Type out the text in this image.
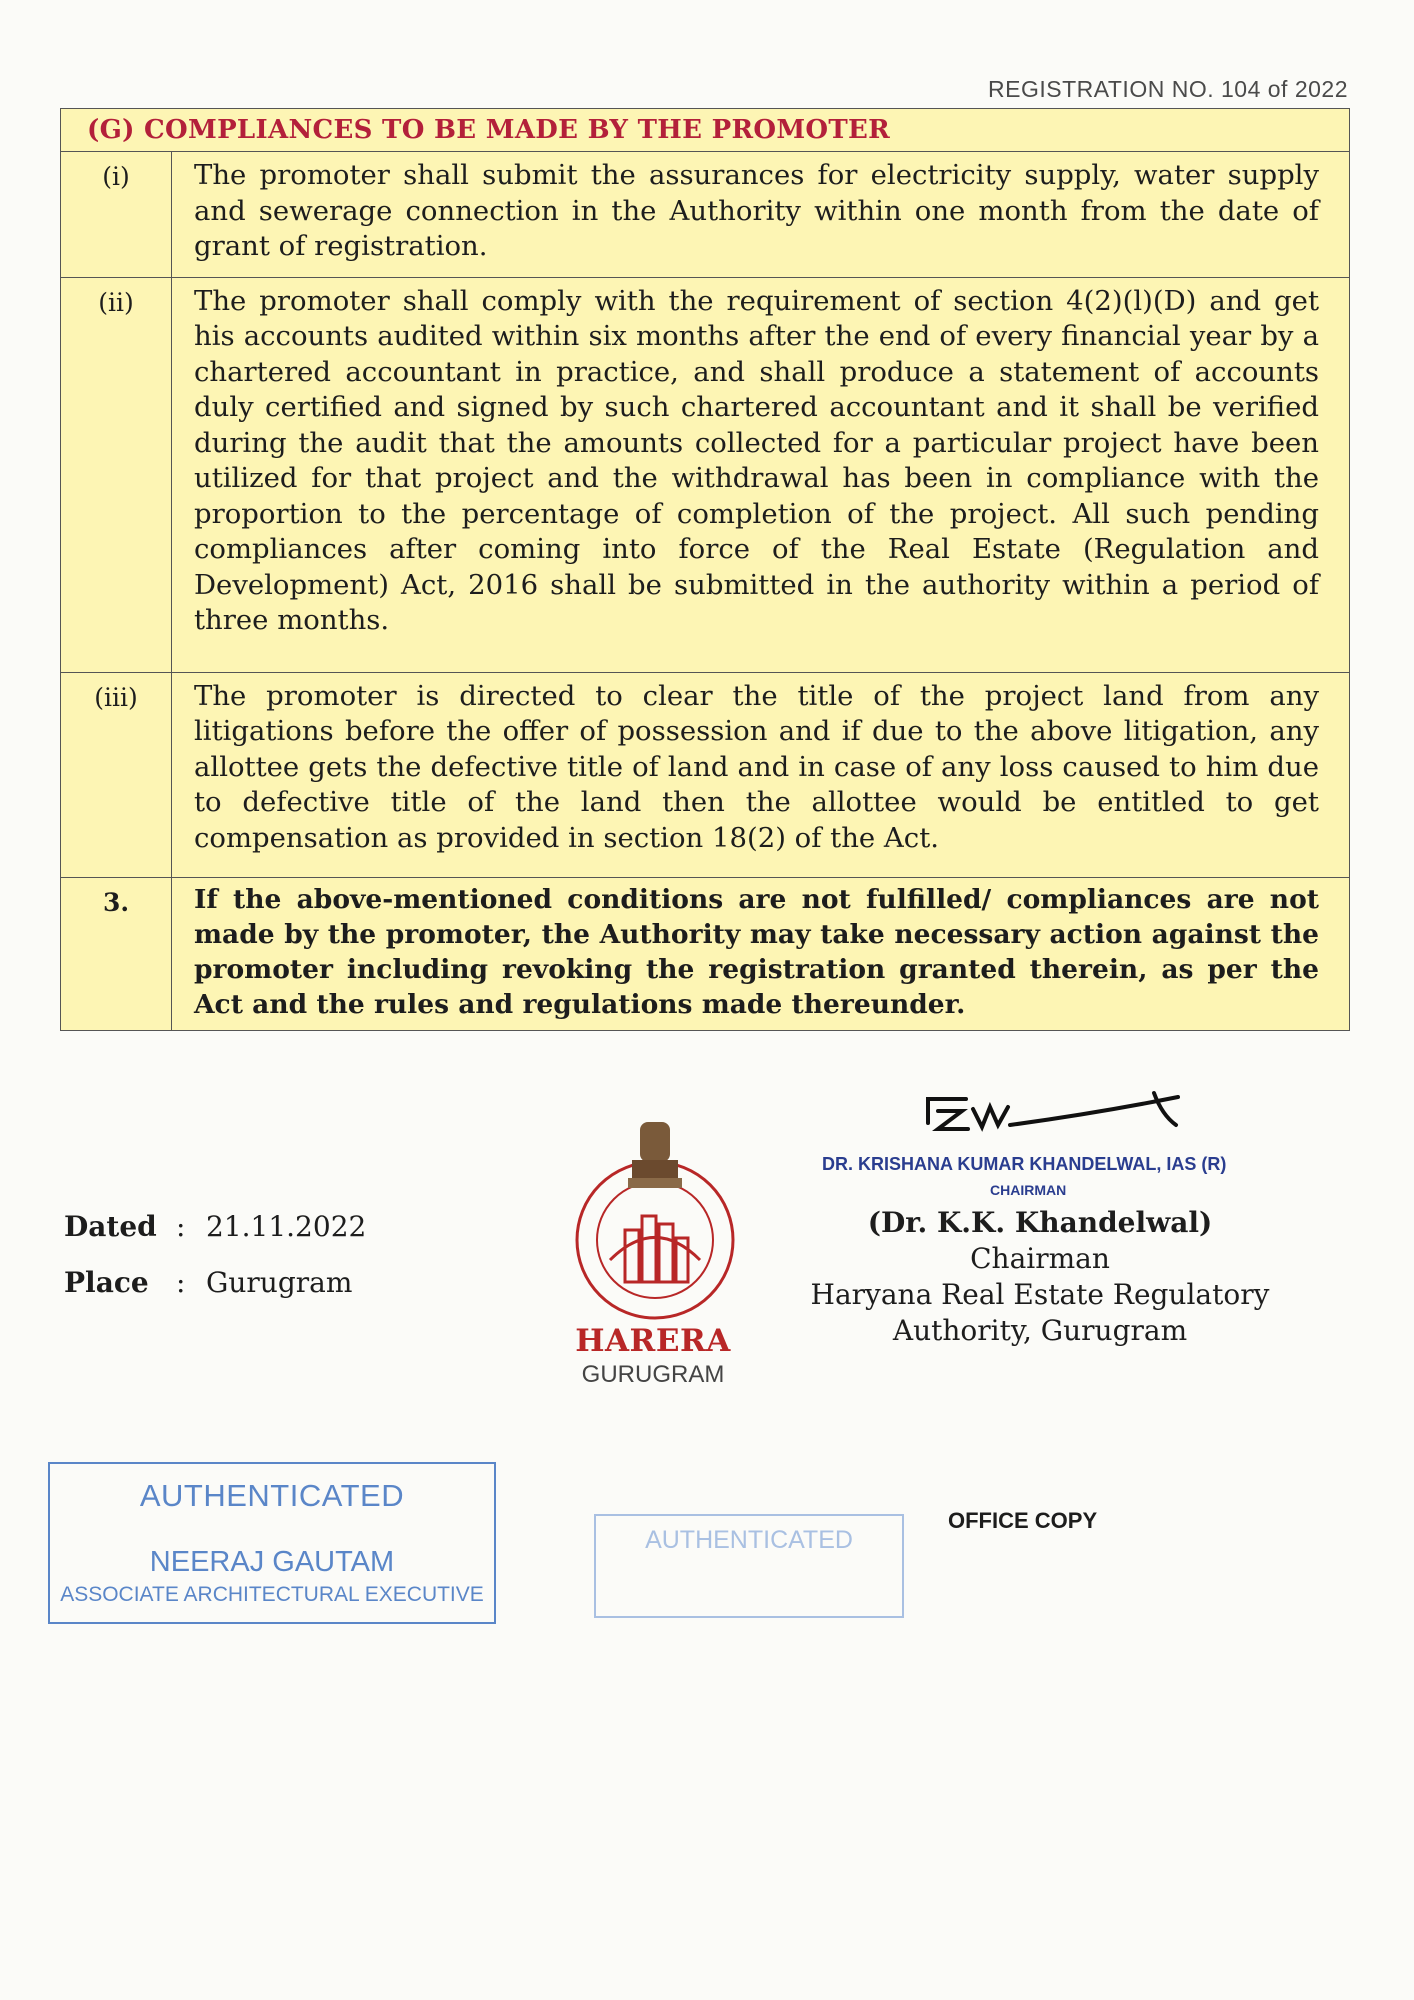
REGISTRATION NO. 104 of 2022
(G) COMPLIANCES TO BE MADE BY THE PROMOTER	
(i)	The promoter shall submit the assurances for electricity supply, water supply and sewerage connection in the Authority within one month from the date of grant of registration.
(ii)	The promoter shall comply with the requirement of section 4(2)(l)(D) and get his accounts audited within six months after the end of every financial year by a chartered accountant in practice, and shall produce a statement of accounts duly certified and signed by such chartered accountant and it shall be verified during the audit that the amounts collected for a particular project have been utilized for that project and the withdrawal has been in compliance with the proportion to the percentage of completion of the project. All such pending compliances after coming into force of the Real Estate (Regulation and Development) Act, 2016 shall be submitted in the authority within a period of three months.
(iii)	The promoter is directed to clear the title of the project land from any litigations before the offer of possession and if due to the above litigation, any allottee gets the defective title of land and in case of any loss caused to him due to defective title of the land then the allottee would be entitled to get compensation as provided in section 18(2) of the Act.
3.	If the above-mentioned conditions are not fulfilled/ compliances are not made by the promoter, the Authority may take necessary action against the promoter including revoking the registration granted therein, as per the Act and the rules and regulations made thereunder.
Dated : 21.11.2022
Place : Gurugram
HARERA
GURUGRAM
DR. KRISHANA KUMAR KHANDELWAL, IAS (R)
CHAIRMAN
(Dr. K.K. Khandelwal)
Chairman
Haryana Real Estate Regulatory
Authority, Gurugram
AUTHENTICATED
NEERAJ GAUTAM
ASSOCIATE ARCHITECTURAL EXECUTIVE
AUTHENTICATED
OFFICE COPY
